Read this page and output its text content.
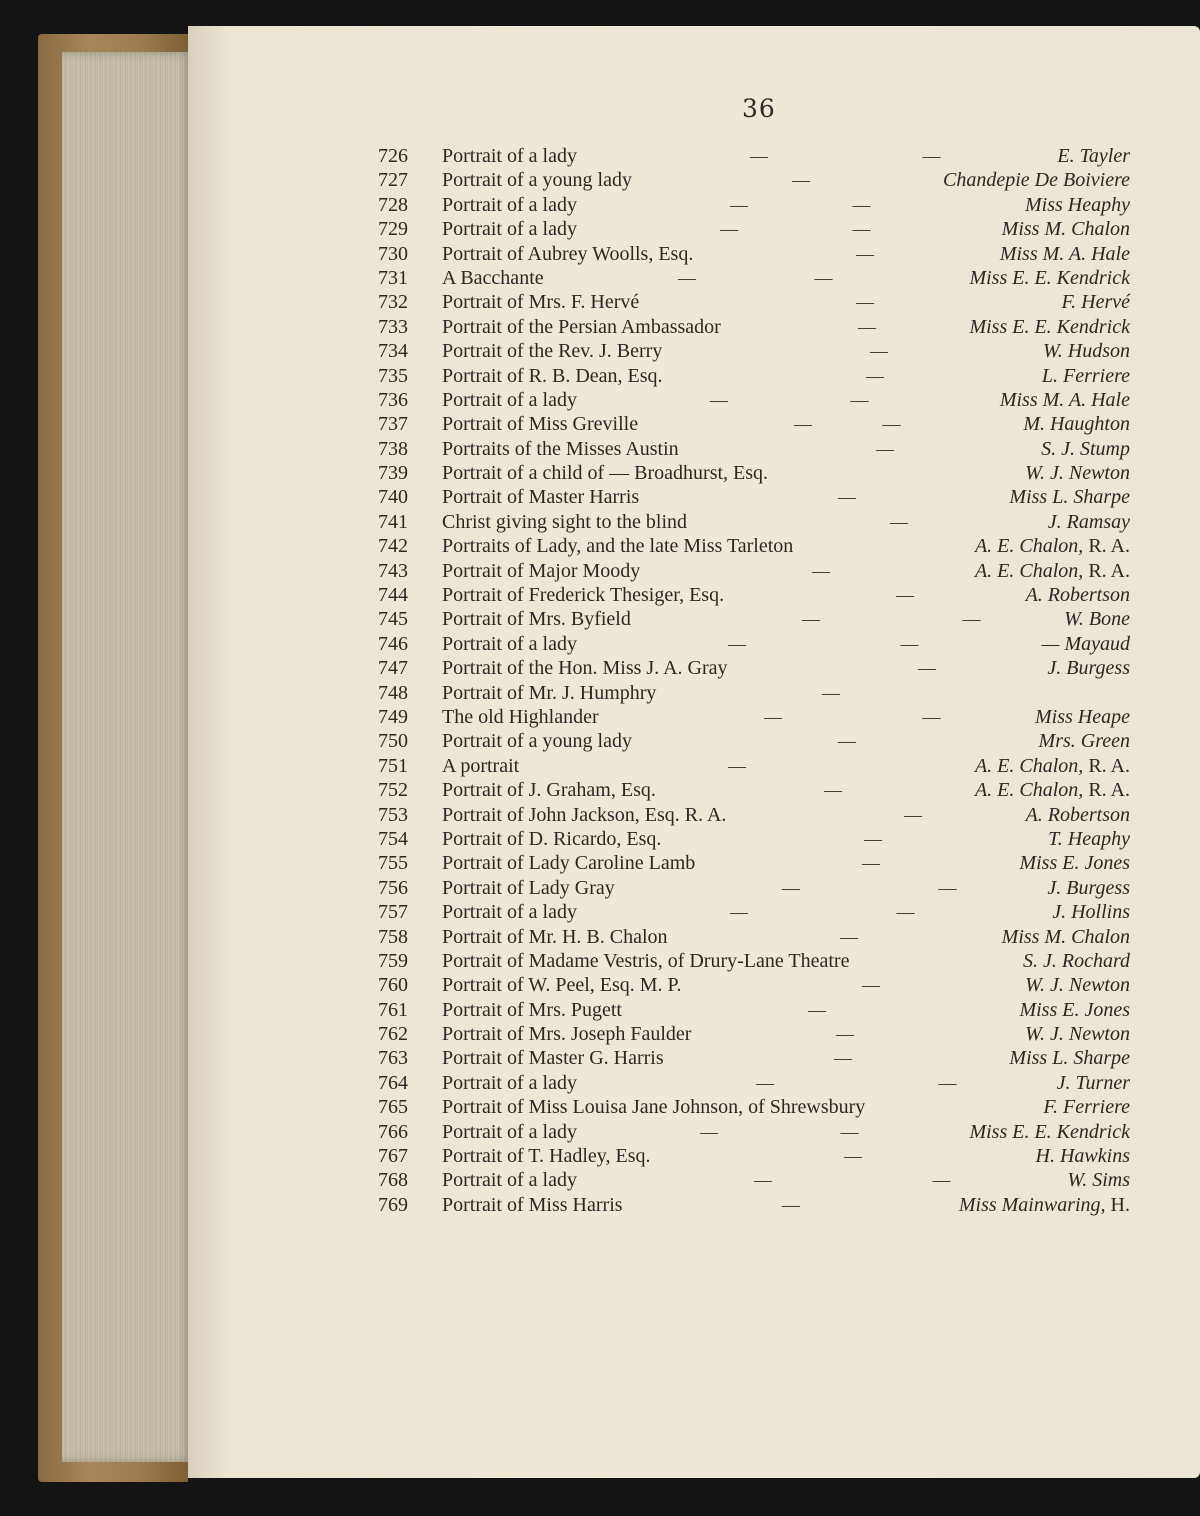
36
726	Portrait of a lady	— —	E. Tayler
727	Portrait of a young lady	—	Chandepie De Boiviere
728	Portrait of a lady	— —	Miss Heaphy
729	Portrait of a lady	— —	Miss M. Chalon
730	Portrait of Aubrey Woolls, Esq.	—	Miss M. A. Hale
731	A Bacchante	— —	Miss E. E. Kendrick
732	Portrait of Mrs. F. Hervé	—	F. Hervé
733	Portrait of the Persian Ambassador	—	Miss E. E. Kendrick
734	Portrait of the Rev. J. Berry	—	W. Hudson
735	Portrait of R. B. Dean, Esq.	—	L. Ferriere
736	Portrait of a lady	— —	Miss M. A. Hale
737	Portrait of Miss Greville	— —	M. Haughton
738	Portraits of the Misses Austin	—	S. J. Stump
739	Portrait of a child of — Broadhurst, Esq.	W. J. Newton
740	Portrait of Master Harris	—	Miss L. Sharpe
741	Christ giving sight to the blind	—	J. Ramsay
742	Portraits of Lady, and the late Miss Tarleton	A. E. Chalon, R. A.
743	Portrait of Major Moody	—	A. E. Chalon, R. A.
744	Portrait of Frederick Thesiger, Esq.	—	A. Robertson
745	Portrait of Mrs. Byfield	— —	W. Bone
746	Portrait of a lady	— —	— Mayaud
747	Portrait of the Hon. Miss J. A. Gray	—	J. Burgess
748	Portrait of Mr. J. Humphry	—
749	The old Highlander	— —	Miss Heape
750	Portrait of a young lady	—	Mrs. Green
751	A portrait	—	A. E. Chalon, R. A.
752	Portrait of J. Graham, Esq.	—	A. E. Chalon, R. A.
753	Portrait of John Jackson, Esq. R. A.	—	A. Robertson
754	Portrait of D. Ricardo, Esq.	—	T. Heaphy
755	Portrait of Lady Caroline Lamb	—	Miss E. Jones
756	Portrait of Lady Gray	— —	J. Burgess
757	Portrait of a lady	— —	J. Hollins
758	Portrait of Mr. H. B. Chalon	—	Miss M. Chalon
759	Portrait of Madame Vestris, of Drury-Lane Theatre	S. J. Rochard
760	Portrait of W. Peel, Esq. M. P.	—	W. J. Newton
761	Portrait of Mrs. Pugett	—	Miss E. Jones
762	Portrait of Mrs. Joseph Faulder	—	W. J. Newton
763	Portrait of Master G. Harris	—	Miss L. Sharpe
764	Portrait of a lady	— —	J. Turner
765	Portrait of Miss Louisa Jane Johnson, of Shrewsbury	F. Ferriere
766	Portrait of a lady	— —	Miss E. E. Kendrick
767	Portrait of T. Hadley, Esq.	—	H. Hawkins
768	Portrait of a lady	— —	W. Sims
769	Portrait of Miss Harris	—	Miss Mainwaring, H.
